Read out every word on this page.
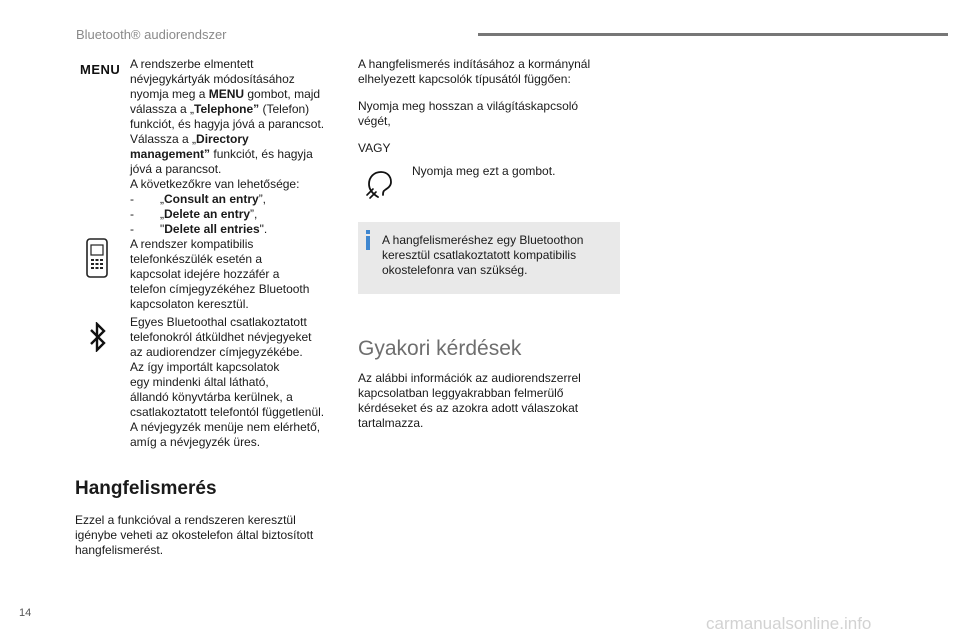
Bluetooth® audiorendszer
MENU A rendszerbe elmentett
névjegykártyák módosításához
nyomja meg a MENU gombot, majd
válassza a „Telephone” (Telefon)
funkciót, és hagyja jóvá a parancsot.
Válassza a „Directory
management” funkciót, és hagyja
jóvá a parancsot.
A következőkre van lehetősége:
- „Consult an entry”,
- „Delete an entry”,
- "Delete all entries".
A rendszer kompatibilis
telefonkészülék esetén a
kapcsolat idejére hozzáfér a
telefon címjegyzékéhez Bluetooth
kapcsolaton keresztül.
Egyes Bluetoothal csatlakoztatott
telefonokról átküldhet névjegyeket
az audiorendzer címjegyzékébe.
Az így importált kapcsolatok
egy mindenki által látható,
állandó könyvtárba kerülnek, a
csatlakoztatott telefontól függetlenül.
A névjegyzék menüje nem elérhető,
amíg a névjegyzék üres.
Hangfelismerés
Ezzel a funkcióval a rendszeren keresztül
igénybe veheti az okostelefon által biztosított
hangfelismerést.
A hangfelismerés indításához a kormánynál
elhelyezett kapcsolók típusától függően:
Nyomja meg hosszan a világításkapcsoló
végét,
VAGY
Nyomja meg ezt a gombot.
A hangfelismeréshez egy Bluetoothon
keresztül csatlakoztatott kompatibilis
okostelefonra van szükség.
Gyakori kérdések
Az alábbi információk az audiorendszerrel
kapcsolatban leggyakrabban felmerülő
kérdéseket és az azokra adott válaszokat
tartalmazza.
14
carmanualsonline.info
